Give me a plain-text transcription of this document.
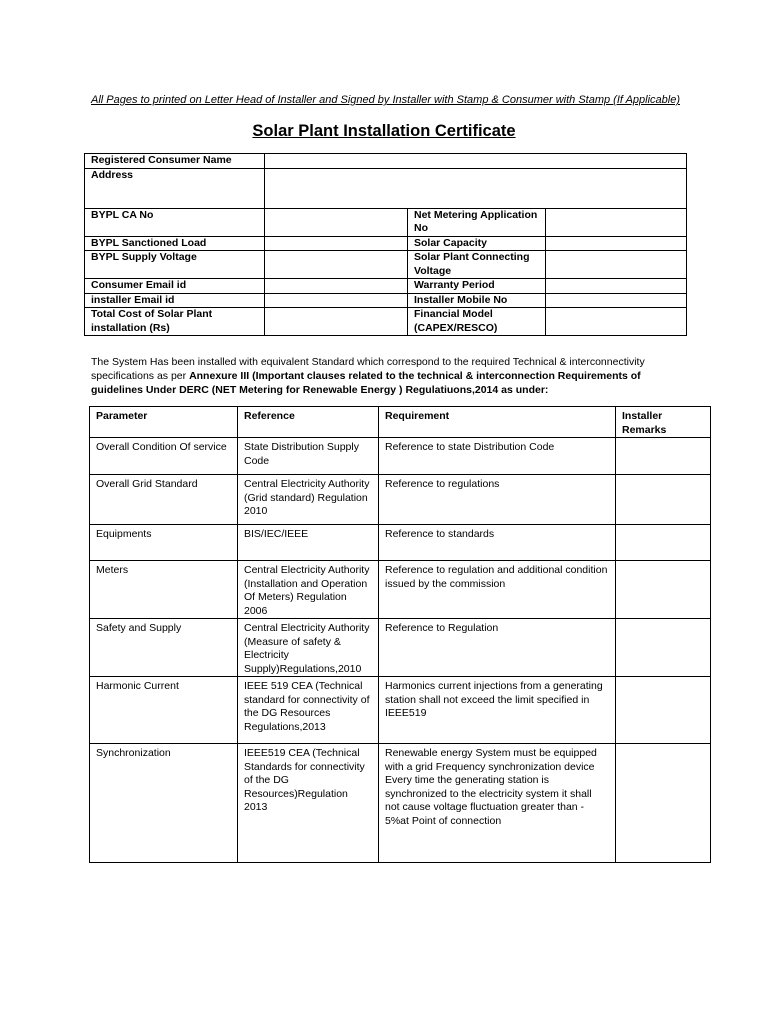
All Pages to printed on Letter Head of Installer and Signed by Installer with Stamp & Consumer with Stamp (If Applicable)
Solar Plant Installation Certificate
Registered Consumer Name			
Address			
BYPL CA No		Net Metering Application No	
BYPL Sanctioned Load		Solar Capacity	
BYPL Supply Voltage		Solar Plant Connecting Voltage	
Consumer Email id		Warranty Period	
installer Email id		Installer Mobile No	
Total Cost of Solar Plant installation (Rs)		Financial Model (CAPEX/RESCO)	
The System Has been installed with equivalent Standard which correspond to the required Technical & interconnectivity specifications as per Annexure III (Important clauses related to the technical & interconnection Requirements of guidelines Under DERC (NET Metering for Renewable Energy ) Regulatiuons,2014 as under:
Parameter	Reference	Requirement	Installer Remarks
Overall Condition Of service	State Distribution Supply Code	Reference to state Distribution Code	
Overall Grid Standard	Central Electricity Authority (Grid standard) Regulation 2010	Reference to regulations	
Equipments	BIS/IEC/IEEE	Reference to standards	
Meters	Central Electricity Authority (Installation and Operation Of Meters) Regulation 2006	Reference to regulation and additional condition issued by the commission	
Safety and Supply	Central Electricity Authority (Measure of safety & Electricity Supply)Regulations,2010	Reference to Regulation	
Harmonic Current	IEEE 519 CEA (Technical standard for connectivity of the DG Resources Regulations,2013	Harmonics current injections from a generating station shall not exceed the limit specified in IEEE519	
Synchronization	IEEE519 CEA (Technical Standards for connectivity of the DG Resources)Regulation 2013	Renewable energy System must be equipped with a grid Frequency synchronization device Every time the generating station is synchronized to the electricity system it shall not cause voltage fluctuation greater than - 5%at Point of connection	
